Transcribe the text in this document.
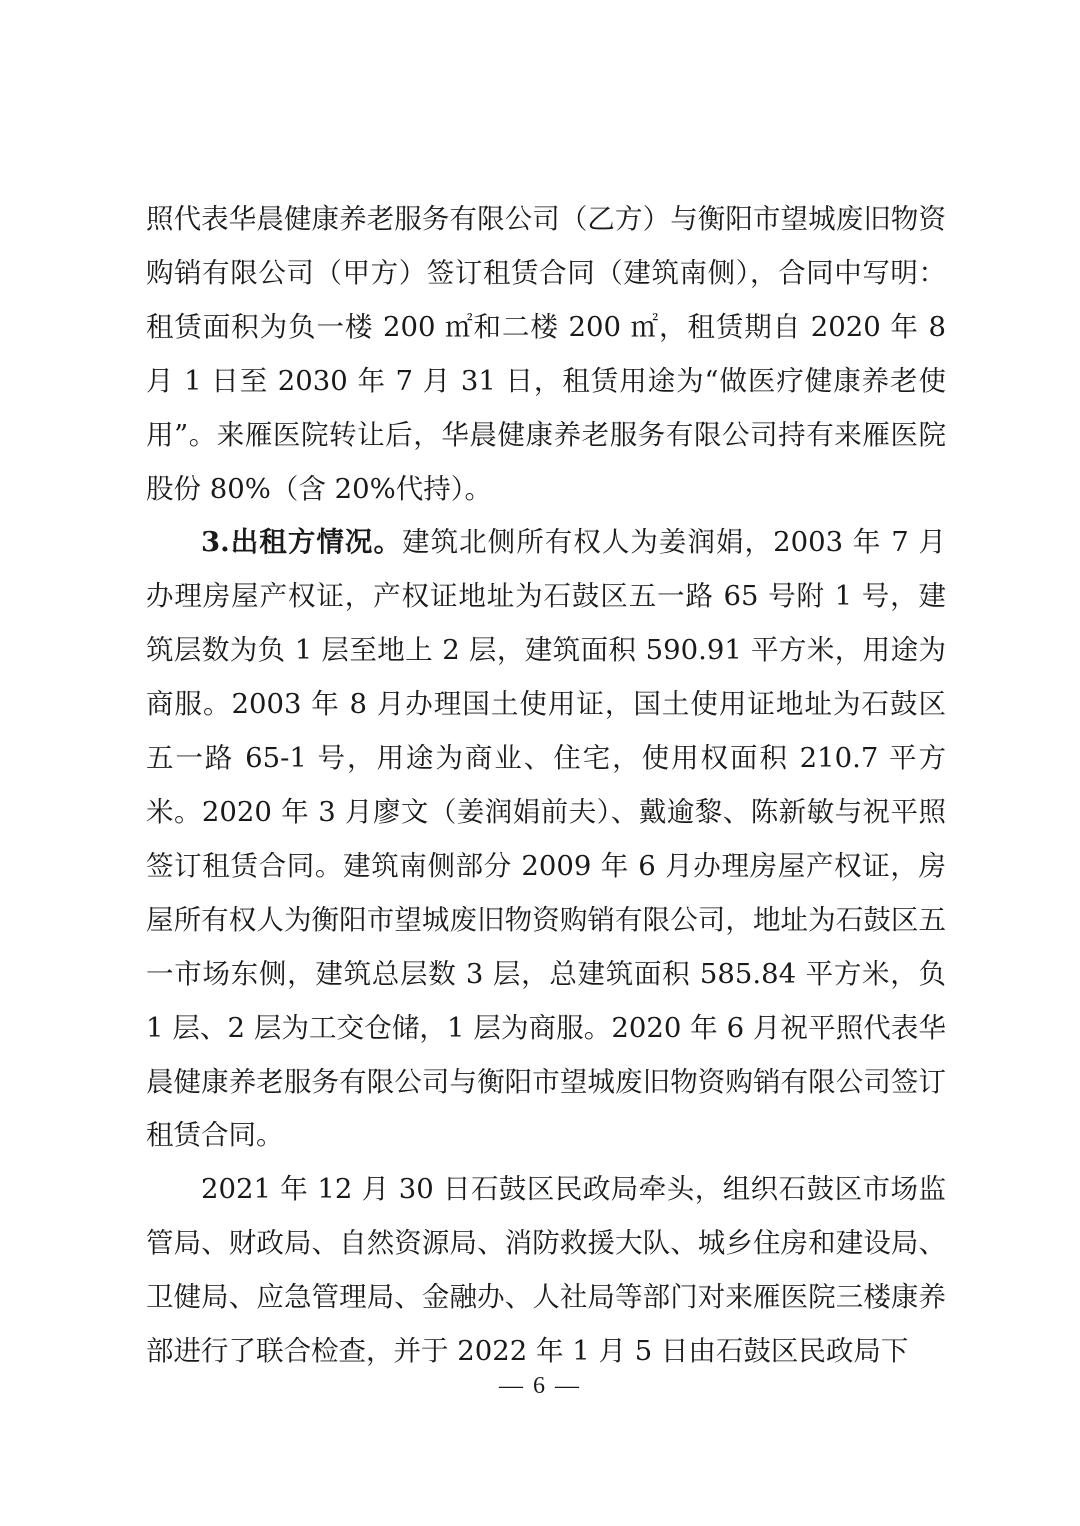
照代表华晨健康养老服务有限公司（乙方）与衡阳市望城废旧物资购销有限公司（甲方）签订租赁合同（建筑南侧），合同中写明：租赁面积为负一楼 200 ㎡和二楼 200 ㎡，租赁期自 2020 年 8 月 1 日至 2030 年 7 月 31 日，租赁用途为“做医疗健康养老使用”。来雁医院转让后，华晨健康养老服务有限公司持有来雁医院股份 80%（含 20%代持）。

3.出租方情况。建筑北侧所有权人为姜润娟，2003 年 7 月办理房屋产权证，产权证地址为石鼓区五一路 65 号附 1 号，建筑层数为负 1 层至地上 2 层，建筑面积 590.91 平方米，用途为商服。2003 年 8 月办理国土使用证，国土使用证地址为石鼓区五一路 65-1 号，用途为商业、住宅，使用权面积 210.7 平方米。2020 年 3 月廖文（姜润娟前夫）、戴逾黎、陈新敏与祝平照签订租赁合同。建筑南侧部分 2009 年 6 月办理房屋产权证，房屋所有权人为衡阳市望城废旧物资购销有限公司，地址为石鼓区五一市场东侧，建筑总层数 3 层，总建筑面积 585.84 平方米，负 1 层、2 层为工交仓储，1 层为商服。2020 年 6 月祝平照代表华晨健康养老服务有限公司与衡阳市望城废旧物资购销有限公司签订租赁合同。

2021 年 12 月 30 日石鼓区民政局牵头，组织石鼓区市场监管局、财政局、自然资源局、消防救援大队、城乡住房和建设局、卫健局、应急管理局、金融办、人社局等部门对来雁医院三楼康养部进行了联合检查，并于 2022 年 1 月 5 日由石鼓区民政局下

— 6 —
